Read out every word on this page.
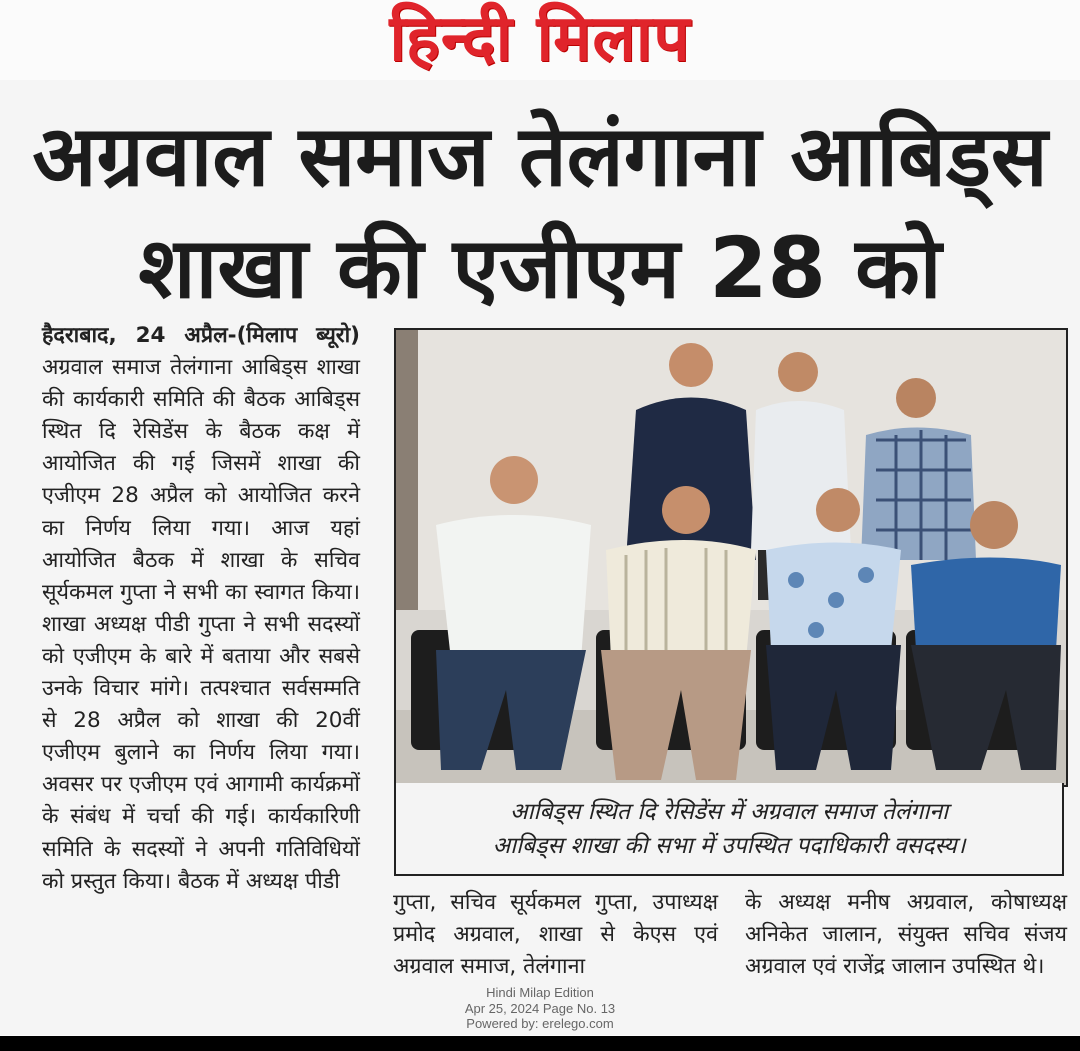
हिन्दी मिलाप
अग्रवाल समाज तेलंगाना आबिड्स
शाखा की एजीएम 28 को
हैदराबाद, 24 अप्रैल-(मिलाप ब्यूरो) अग्रवाल समाज तेलंगाना आबिड्स शाखा की कार्यकारी समिति की बैठक आबिड्स स्थित दि रेसिडेंस के बैठक कक्ष में आयोजित की गई जिसमें शाखा की एजीएम 28 अप्रैल को आयोजित करने का निर्णय लिया गया। आज यहां आयोजित बैठक में शाखा के सचिव सूर्यकमल गुप्ता ने सभी का स्वागत किया। शाखा अध्यक्ष पीडी गुप्ता ने सभी सदस्यों को एजीएम के बारे में बताया और सबसे उनके विचार मांगे। तत्पश्चात सर्वसम्मति से 28 अप्रैल को शाखा की 20वीं एजीएम बुलाने का निर्णय लिया गया। अवसर पर एजीएम एवं आगामी कार्यक्रमों के संबंध में चर्चा की गई। कार्यकारिणी समिति के सदस्यों ने अपनी गतिविधियों को प्रस्तुत किया। बैठक में अध्यक्ष पीडी
आबिड्स स्थित दि रेसिडेंस में अग्रवाल समाज तेलंगाना
आबिड्स शाखा की सभा में उपस्थित पदाधिकारी वसदस्य।
गुप्ता, सचिव सूर्यकमल गुप्ता, उपाध्यक्ष प्रमोद अग्रवाल, शाखा से केएस एवं अग्रवाल समाज, तेलंगाना
के अध्यक्ष मनीष अग्रवाल, कोषाध्यक्ष अनिकेत जालान, संयुक्त सचिव संजय अग्रवाल एवं राजेंद्र जालान उपस्थित थे।
Hindi Milap Edition
Apr 25, 2024 Page No. 13
Powered by: erelego.com
